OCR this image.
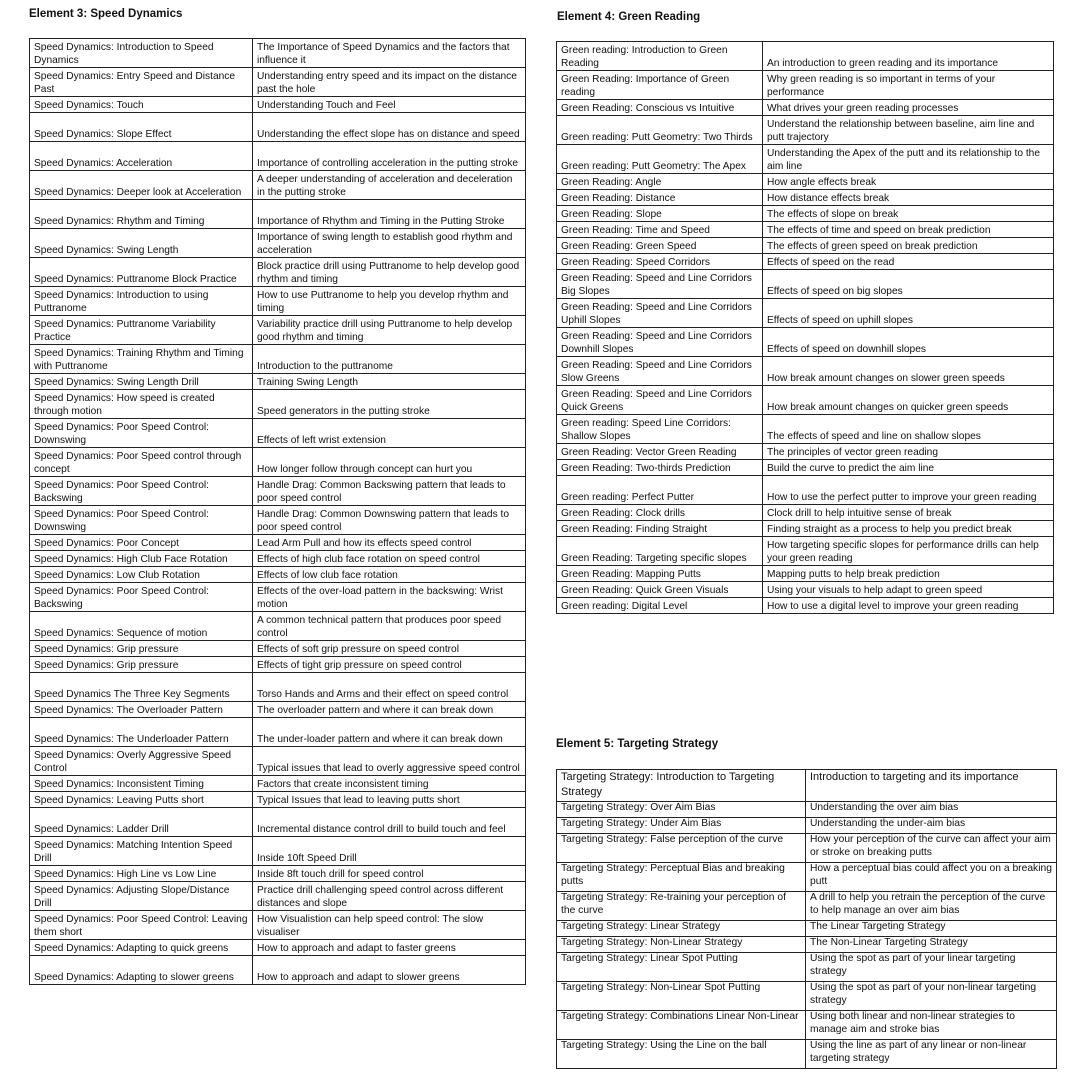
Element 3: Speed Dynamics
Speed Dynamics: Introduction to Speed Dynamics	The Importance of Speed Dynamics and the factors that influence it
Speed Dynamics: Entry Speed and Distance Past	Understanding entry speed and its impact on the distance past the hole
Speed Dynamics: Touch	Understanding Touch and Feel
Speed Dynamics: Slope Effect	Understanding the effect slope has on distance and speed
Speed Dynamics: Acceleration	Importance of controlling acceleration in the putting stroke
Speed Dynamics: Deeper look at Acceleration	A deeper understanding of acceleration and deceleration in the putting stroke
Speed Dynamics: Rhythm and Timing	Importance of Rhythm and Timing in the Putting Stroke
Speed Dynamics: Swing Length	Importance of swing length to establish good rhythm and acceleration
Speed Dynamics: Puttranome Block Practice	Block practice drill using Puttranome to help develop good rhythm and timing
Speed Dynamics: Introduction to using Puttranome	How to use Puttranome to help you develop rhythm and timing
Speed Dynamics: Puttranome Variability Practice	Variability practice drill using Puttranome to help develop good rhythm and timing
Speed Dynamics: Training Rhythm and Timing with Puttranome	Introduction to the puttranome
Speed Dynamics: Swing Length Drill	Training Swing Length
Speed Dynamics: How speed is created through motion	Speed generators in the putting stroke
Speed Dynamics: Poor Speed Control: Downswing	Effects of left wrist extension
Speed Dynamics: Poor Speed control through concept	How longer follow through concept can hurt you
Speed Dynamics: Poor Speed Control: Backswing	Handle Drag: Common Backswing pattern that leads to poor speed control
Speed Dynamics: Poor Speed Control: Downswing	Handle Drag: Common Downswing pattern that leads to poor speed control
Speed Dynamics: Poor Concept	Lead Arm Pull and how its effects speed control
Speed Dynamics: High Club Face Rotation	Effects of high club face rotation on speed control
Speed Dynamics: Low Club Rotation	Effects of low club face rotation
Speed Dynamics: Poor Speed Control: Backswing	Effects of the over-load pattern in the backswing: Wrist motion
Speed Dynamics: Sequence of motion	A common technical pattern that produces poor speed control
Speed Dynamics: Grip pressure	Effects of soft grip pressure on speed control
Speed Dynamics: Grip pressure	Effects of tight grip pressure on speed control
Speed Dynamics The Three Key Segments	Torso Hands and Arms and their effect on speed control
Speed Dynamics: The Overloader Pattern	The overloader pattern and where it can break down
Speed Dynamics: The Underloader Pattern	The under-loader pattern and where it can break down
Speed Dynamics: Overly Aggressive Speed Control	Typical issues that lead to overly aggressive speed control
Speed Dynamics: Inconsistent Timing	Factors that create inconsistent timing
Speed Dynamics: Leaving Putts short	Typical Issues that lead to leaving putts short
Speed Dynamics: Ladder Drill	Incremental distance control drill to build touch and feel
Speed Dynamics: Matching Intention Speed Drill	Inside 10ft Speed Drill
Speed Dynamics: High Line vs Low Line	Inside 8ft touch drill for speed control
Speed Dynamics: Adjusting Slope/Distance Drill	Practice drill challenging speed control across different distances and slope
Speed Dynamics: Poor Speed Control: Leaving them short	How Visualistion can help speed control: The slow visualiser
Speed Dynamics: Adapting to quick greens	How to approach and adapt to faster greens
Speed Dynamics: Adapting to slower greens	How to approach and adapt to slower greens
Element 4: Green Reading
Green reading: Introduction to Green Reading	An introduction to green reading and its importance
Green Reading: Importance of Green reading	Why green reading is so important in terms of your performance
Green Reading: Conscious vs Intuitive	What drives your green reading processes
Green reading: Putt Geometry: Two Thirds	Understand the relationship between baseline, aim line and putt trajectory
Green reading: Putt Geometry: The Apex	Understanding the Apex of the putt and its relationship to the aim line
Green Reading: Angle	How angle effects break
Green Reading: Distance	How distance effects break
Green Reading: Slope	The effects of slope on break
Green Reading: Time and Speed	The effects of time and speed on break prediction
Green Reading: Green Speed	The effects of green speed on break prediction
Green Reading: Speed Corridors	Effects of speed on the read
Green Reading: Speed and Line Corridors Big Slopes	Effects of speed on big slopes
Green Reading: Speed and Line Corridors Uphill Slopes	Effects of speed on uphill slopes
Green Reading: Speed and Line Corridors Downhill Slopes	Effects of speed on downhill slopes
Green Reading: Speed and Line Corridors Slow Greens	How break amount changes on slower green speeds
Green Reading: Speed and Line Corridors Quick Greens	How break amount changes on quicker green speeds
Green reading: Speed Line Corridors: Shallow Slopes	The effects of speed and line on shallow slopes
Green Reading: Vector Green Reading	The principles of vector green reading
Green Reading: Two-thirds Prediction	Build the curve to predict the aim line
Green reading: Perfect Putter	How to use the perfect putter to improve your green reading
Green Reading: Clock drills	Clock drill to help intuitive sense of break
Green Reading: Finding Straight	Finding straight as a process to help you predict break
Green Reading: Targeting specific slopes	How targeting specific slopes for performance drills can help your green reading
Green Reading: Mapping Putts	Mapping putts to help break prediction
Green Reading: Quick Green Visuals	Using your visuals to help adapt to green speed
Green reading: Digital Level	How to use a digital level to improve your green reading
Element 5: Targeting Strategy
Targeting Strategy: Introduction to Targeting Strategy	Introduction to targeting and its importance
Targeting Strategy: Over Aim Bias	Understanding the over aim bias
Targeting Strategy: Under Aim Bias	Understanding the under-aim bias
Targeting Strategy: False perception of the curve	How your perception of the curve can affect your aim or stroke on breaking putts
Targeting Strategy: Perceptual Bias and breaking putts	How a perceptual bias could affect you on a breaking putt
Targeting Strategy: Re-training your perception of the curve	A drill to help you retrain the perception of the curve to help manage an over aim bias
Targeting Strategy: Linear Strategy	The Linear Targeting Strategy
Targeting Strategy: Non-Linear Strategy	The Non-Linear Targeting Strategy
Targeting Strategy: Linear Spot Putting	Using the spot as part of your linear targeting strategy
Targeting Strategy: Non-Linear Spot Putting	Using the spot as part of your non-linear targeting strategy
Targeting Strategy: Combinations Linear Non-Linear	Using both linear and non-linear strategies to manage aim and stroke bias
Targeting Strategy: Using the Line on the ball	Using the line as part of any linear or non-linear targeting strategy
